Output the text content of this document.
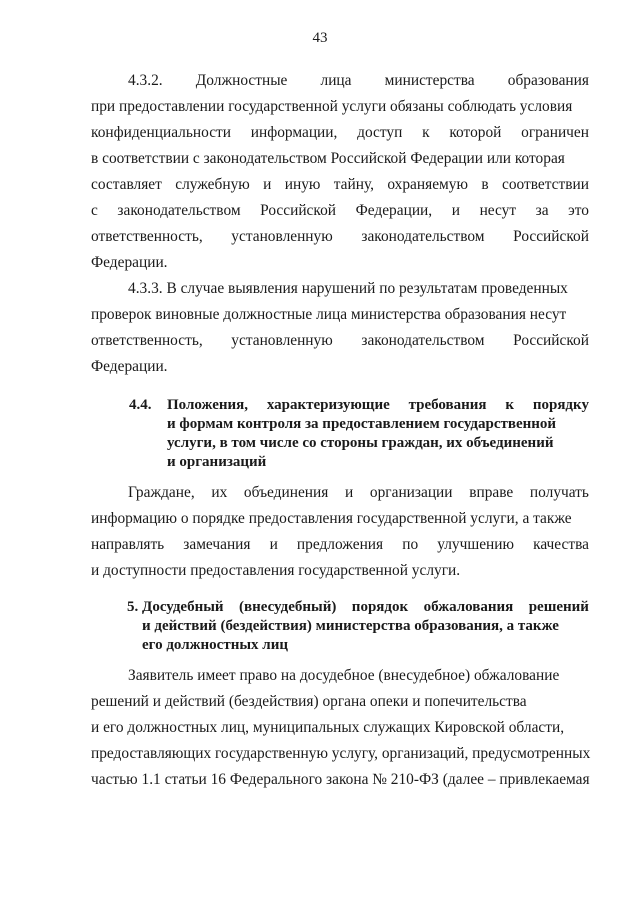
43
4.3.2. Должностные лица министерства образования
при предоставлении государственной услуги обязаны соблюдать условия
конфиденциальности информации, доступ к которой ограничен
в соответствии с законодательством Российской Федерации или которая
составляет служебную и иную тайну, охраняемую в соответствии
с законодательством Российской Федерации, и несут за это
ответственность, установленную законодательством Российской
Федерации.
4.3.3. В случае выявления нарушений по результатам проведенных
проверок виновные должностные лица министерства образования несут
ответственность, установленную законодательством Российской
Федерации.
4.4. Положения, характеризующие требования к порядку
и формам контроля за предоставлением государственной
услуги, в том числе со стороны граждан, их объединений
и организаций
Граждане, их объединения и организации вправе получать
информацию о порядке предоставления государственной услуги, а также
направлять замечания и предложения по улучшению качества
и доступности предоставления государственной услуги.
5. Досудебный (внесудебный) порядок обжалования решений
и действий (бездействия) министерства образования, а также
его должностных лиц
Заявитель имеет право на досудебное (внесудебное) обжалование
решений и действий (бездействия) органа опеки и попечительства
и его должностных лиц, муниципальных служащих Кировской области,
предоставляющих государственную услугу, организаций, предусмотренных
частью 1.1 статьи 16 Федерального закона № 210-ФЗ (далее – привлекаемая
